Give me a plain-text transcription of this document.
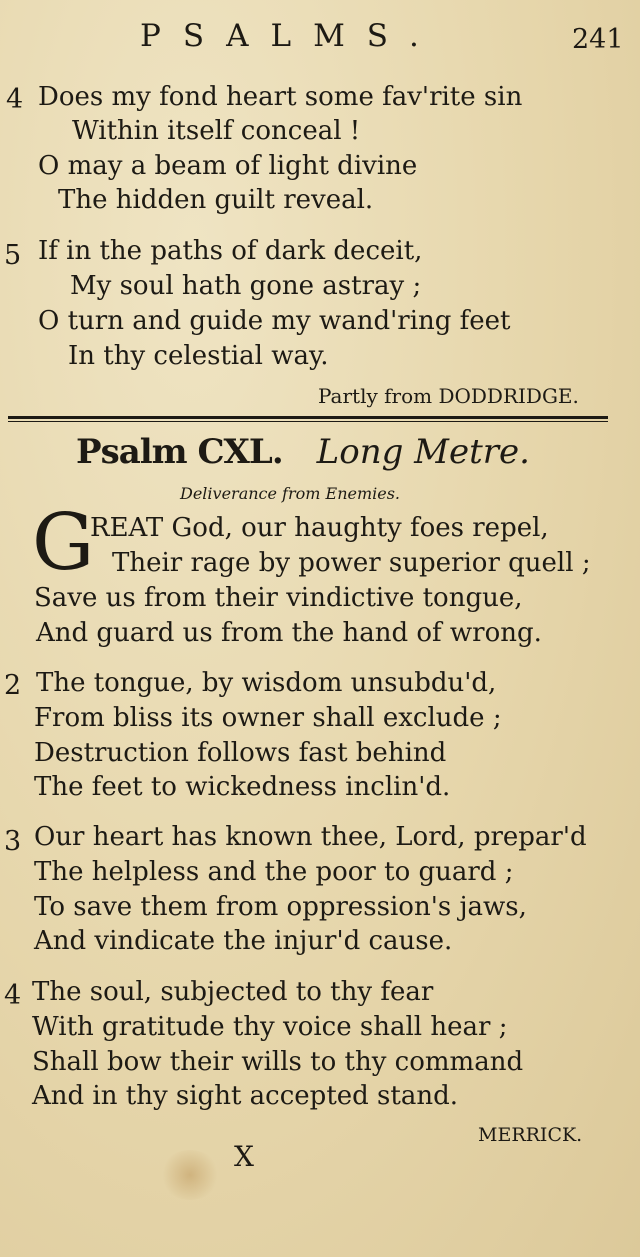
PSALMS.	241
4 Does my fond heart some fav'rite sin
Within itself conceal !
O may a beam of light divine
The hidden guilt reveal.
5 If in the paths of dark deceit,
My soul hath gone astray ;
O turn and guide my wand'ring feet
In thy celestial way.
Partly from DODDRIDGE.
Psalm CXL. Long Metre.
Deliverance from Enemies.
G
REAT God, our haughty foes repel,
Their rage by power superior quell ;
Save us from their vindictive tongue,
And guard us from the hand of wrong.
2 The tongue, by wisdom unsubdu'd,
From bliss its owner shall exclude ;
Destruction follows fast behind
The feet to wickedness inclin'd.
3 Our heart has known thee, Lord, prepar'd
The helpless and the poor to guard ;
To save them from oppression's jaws,
And vindicate the injur'd cause.
4 The soul, subjected to thy fear
With gratitude thy voice shall hear ;
Shall bow their wills to thy command
And in thy sight accepted stand.
MERRICK.
X
